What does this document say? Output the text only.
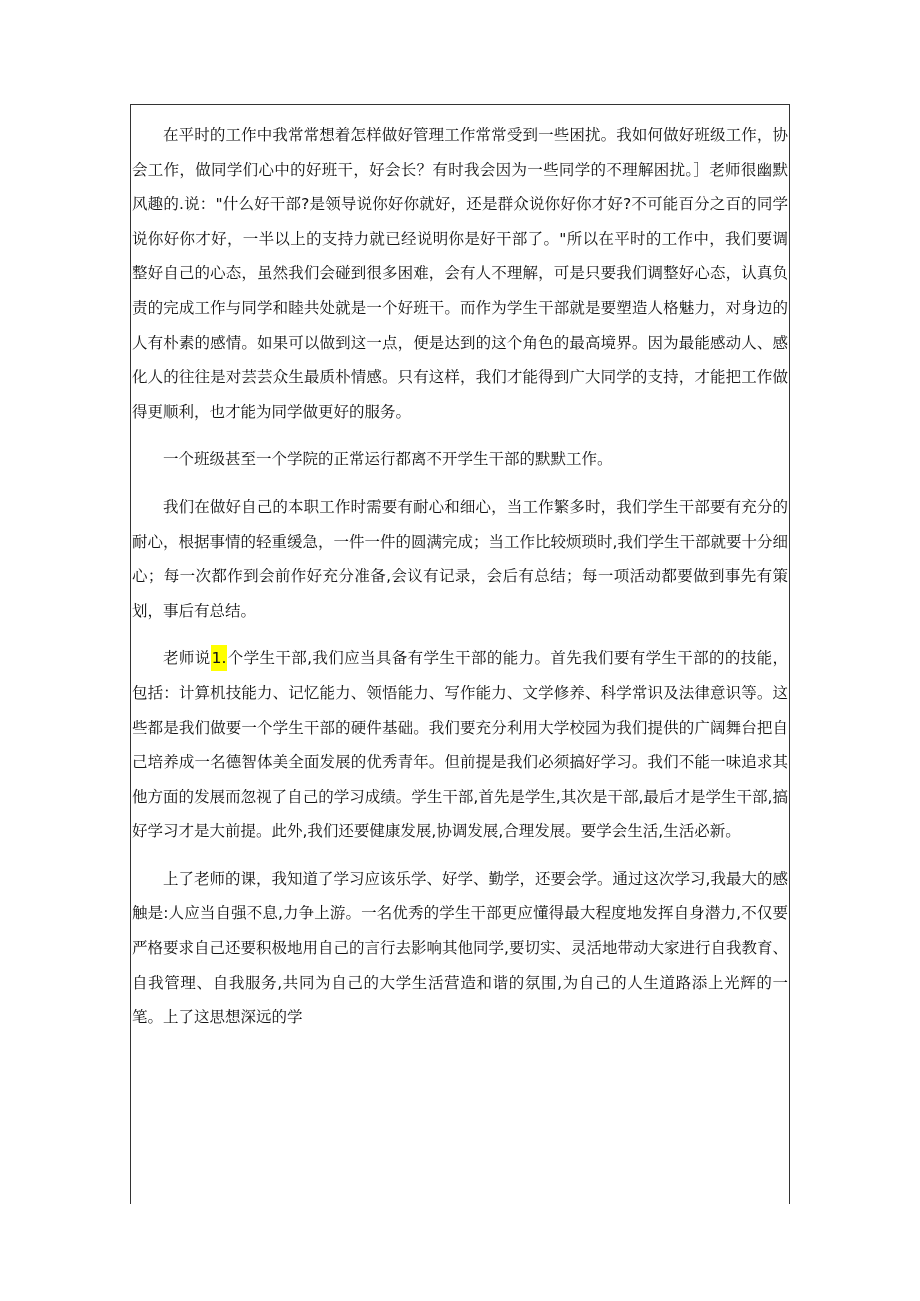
在平时的工作中我常常想着怎样做好管理工作常常受到一些困扰。我如何做好班级工作，协会工作，做同学们心中的好班干，好会长？有时我会因为一些同学的不理解困扰。］老师很幽默风趣的.说："什么好干部?是领导说你好你就好，还是群众说你好你才好?不可能百分之百的同学说你好你才好，一半以上的支持力就已经说明你是好干部了。"所以在平时的工作中，我们要调整好自己的心态，虽然我们会碰到很多困难，会有人不理解，可是只要我们调整好心态，认真负责的完成工作与同学和睦共处就是一个好班干。而作为学生干部就是要塑造人格魅力，对身边的人有朴素的感情。如果可以做到这一点，便是达到的这个角色的最高境界。因为最能感动人、感化人的往往是对芸芸众生最质朴情感。只有这样，我们才能得到广大同学的支持，才能把工作做得更顺利，也才能为同学做更好的服务。

一个班级甚至一个学院的正常运行都离不开学生干部的默默工作。

我们在做好自己的本职工作时需要有耐心和细心，当工作繁多时，我们学生干部要有充分的耐心，根据事情的轻重缓急，一件一件的圆满完成；当工作比较烦琐时,我们学生干部就要十分细心；每一次都作到会前作好充分准备,会议有记录，会后有总结；每一项活动都要做到事先有策划，事后有总结。

老师说1.个学生干部,我们应当具备有学生干部的能力。首先我们要有学生干部的的技能，包括：计算机技能力、记忆能力、领悟能力、写作能力、文学修养、科学常识及法律意识等。这些都是我们做要一个学生干部的硬件基础。我们要充分利用大学校园为我们提供的广阔舞台把自己培养成一名德智体美全面发展的优秀青年。但前提是我们必须搞好学习。我们不能一味追求其他方面的发展而忽视了自己的学习成绩。学生干部,首先是学生,其次是干部,最后才是学生干部,搞好学习才是大前提。此外,我们还要健康发展,协调发展,合理发展。要学会生活,生活必新。

上了老师的课，我知道了学习应该乐学、好学、勤学，还要会学。通过这次学习,我最大的感触是:人应当自强不息,力争上游。一名优秀的学生干部更应懂得最大程度地发挥自身潜力,不仅要严格要求自己还要积极地用自己的言行去影响其他同学,要切实、灵活地带动大家进行自我教育、自我管理、自我服务,共同为自己的大学生活营造和谐的氛围,为自己的人生道路添上光辉的一笔。上了这思想深远的学
